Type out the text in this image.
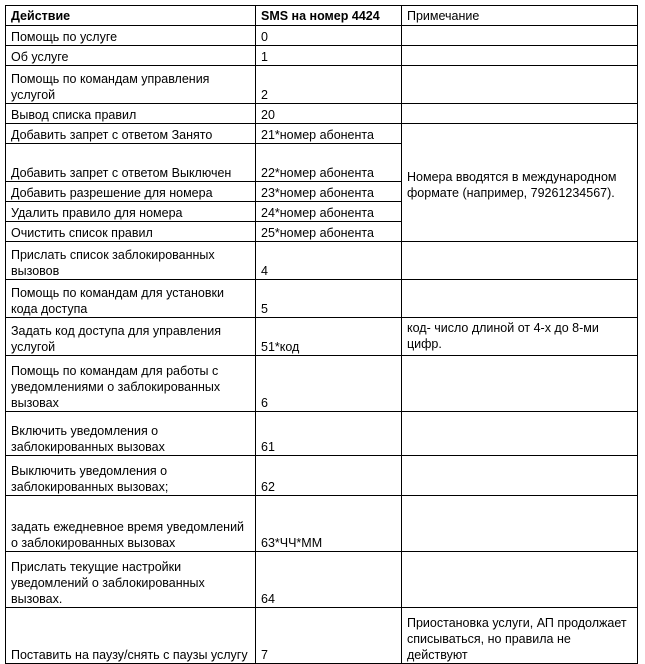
Действие	SMS на номер 4424	Примечание
Помощь по услуге	0	
Об услуге	1	
Помощь по командам управления услугой	2	
Вывод списка правил	20	
Добавить запрет с ответом Занято	21*номер абонента	Номера вводятся в международном формате (например, 79261234567).
Добавить запрет с ответом Выключен	22*номер абонента	
Добавить разрешение для номера	23*номер абонента	
Удалить правило для номера	24*номер абонента	
Очистить список правил	25*номер абонента	
Прислать список заблокированных вызовов	4	
Помощь по командам для установки кода доступа	5	
Задать код доступа для управления услугой	51*код	код- число длиной от 4-х до 8-ми цифр.
Помощь по командам для работы с уведомлениями о заблокированных вызовах	6	
Включить уведомления о заблокированных вызовах	61	
Выключить уведомления о заблокированных вызовах;	62	
задать ежедневное время уведомлений о заблокированных вызовах	63*ЧЧ*ММ	
Прислать текущие настройки уведомлений о заблокированных вызовах.	64	
Поставить на паузу/снять с паузы услугу	7	Приостановка услуги, АП продолжает списываться, но правила не действуют
